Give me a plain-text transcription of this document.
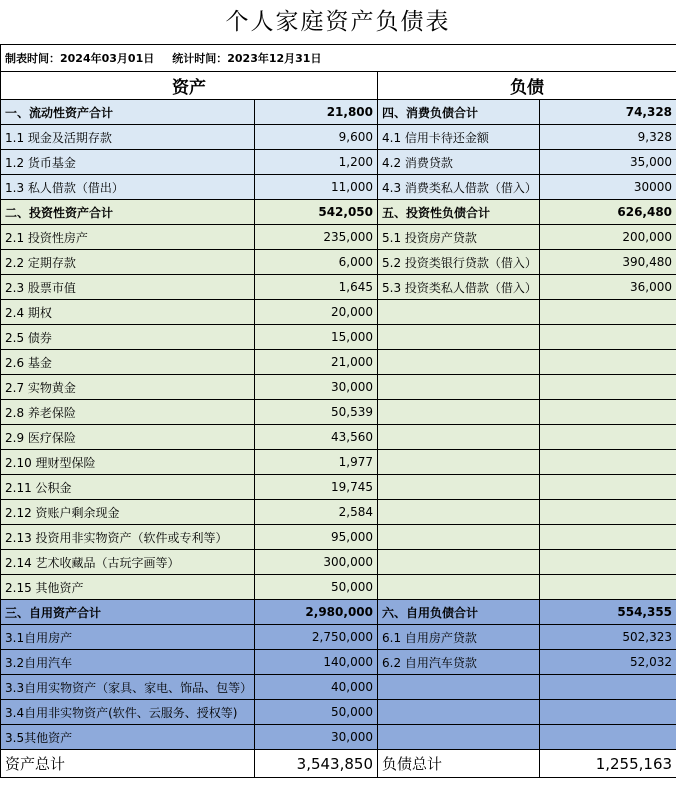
个人家庭资产负债表
制表时间：2024年03月01日 统计时间：2023年12月31日			
资产		负债	
一、流动性资产合计	21,800	四、消费负债合计	74,328
1.1 现金及活期存款	9,600	4.1 信用卡待还金额	9,328
1.2 货币基金	1,200	4.2 消费贷款	35,000
1.3 私人借款（借出）	11,000	4.3 消费类私人借款（借入）	30000
二、投资性资产合计	542,050	五、投资性负债合计	626,480
2.1 投资性房产	235,000	5.1 投资房产贷款	200,000
2.2 定期存款	6,000	5.2 投资类银行贷款（借入）	390,480
2.3 股票市值	1,645	5.3 投资类私人借款（借入）	36,000
2.4 期权	20,000		
2.5 债券	15,000		
2.6 基金	21,000		
2.7 实物黄金	30,000		
2.8 养老保险	50,539		
2.9 医疗保险	43,560		
2.10 理财型保险	1,977		
2.11 公积金	19,745		
2.12 资账户剩余现金	2,584		
2.13 投资用非实物资产（软件或专利等）	95,000		
2.14 艺术收藏品（古玩字画等）	300,000		
2.15 其他资产	50,000		
三、自用资产合计	2,980,000	六、自用负债合计	554,355
3.1自用房产	2,750,000	6.1 自用房产贷款	502,323
3.2自用汽车	140,000	6.2 自用汽车贷款	52,032
3.3自用实物资产（家具、家电、饰品、包等）	40,000		
3.4自用非实物资产(软件、云服务、授权等)	50,000		
3.5其他资产	30,000		
资产总计	3,543,850	负债总计	1,255,163
